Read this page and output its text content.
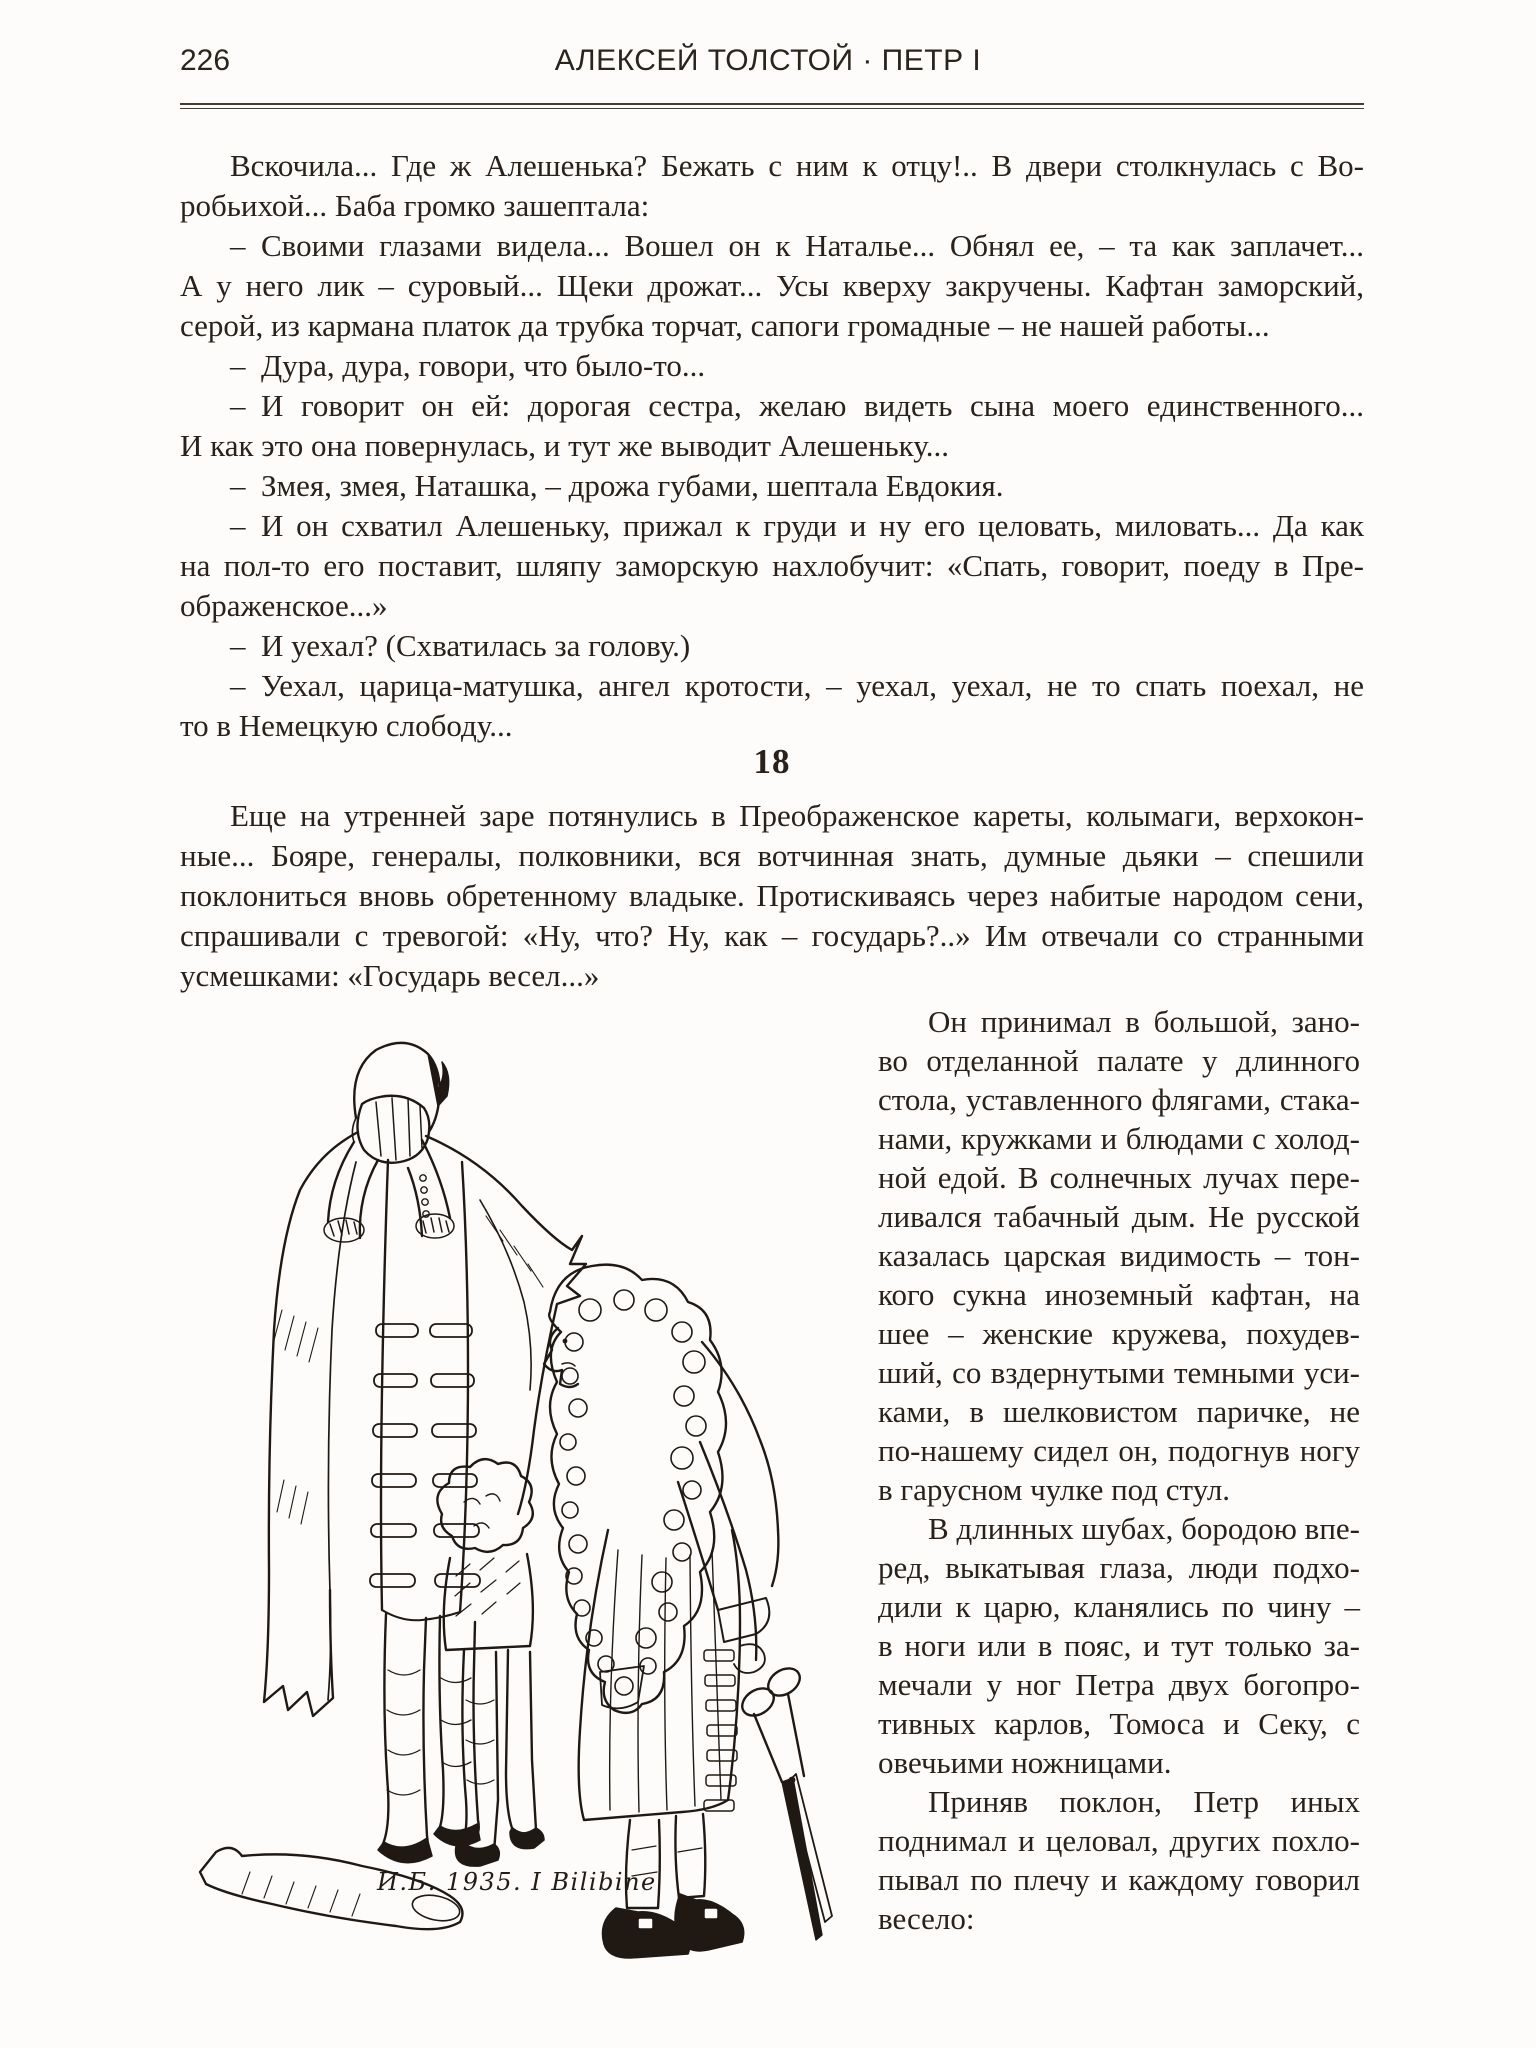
226	АЛЕКСЕЙ ТОЛСТОЙ · ПЕТР I
Вскочила... Где ж Алешенька? Бежать с ним к отцу!.. В двери столкнулась с Во-
робьихой... Баба громко зашептала:
– Своими глазами видела... Вошел он к Наталье... Обнял ее, – та как заплачет...
А у него лик – суровый... Щеки дрожат... Усы кверху закручены. Кафтан заморский,
серой, из кармана платок да трубка торчат, сапоги громадные – не нашей работы...
– Дура, дура, говори, что было-то...
– И говорит он ей: дорогая сестра, желаю видеть сына моего единственного...
И как это она повернулась, и тут же выводит Алешеньку...
– Змея, змея, Наташка, – дрожа губами, шептала Евдокия.
– И он схватил Алешеньку, прижал к груди и ну его целовать, миловать... Да как
на пол-то его поставит, шляпу заморскую нахлобучит: «Спать, говорит, поеду в Пре-
ображенское...»
– И уехал? (Схватилась за голову.)
– Уехал, царица-матушка, ангел кротости, – уехал, уехал, не то спать поехал, не
то в Немецкую слободу...
18
Еще на утренней заре потянулись в Преображенское кареты, колымаги, верхокон-
ные... Бояре, генералы, полковники, вся вотчинная знать, думные дьяки – спешили
поклониться вновь обретенному владыке. Протискиваясь через набитые народом сени,
спрашивали с тревогой: «Ну, что? Ну, как – государь?..» Им отвечали со странными
усмешками: «Государь весел...»
Он принимал в большой, зано-
во отделанной палате у длинного
стола, уставленного флягами, стака-
нами, кружками и блюдами с холод-
ной едой. В солнечных лучах пере-
ливался табачный дым. Не русской
казалась царская видимость – тон-
кого сукна иноземный кафтан, на
шее – женские кружева, похудев-
ший, со вздернутыми темными уси-
ками, в шелковистом паричке, не
по-нашему сидел он, подогнув ногу
в гарусном чулке под стул.
В длинных шубах, бородою впе-
ред, выкатывая глаза, люди подхо-
дили к царю, кланялись по чину –
в ноги или в пояс, и тут только за-
мечали у ног Петра двух богопро-
тивных карлов, Томоса и Секу, с
овечьими ножницами.
Приняв поклон, Петр иных
поднимал и целовал, других похло-
пывал по плечу и каждому говорил
весело:
И.Б. 1935. I Bilibine
